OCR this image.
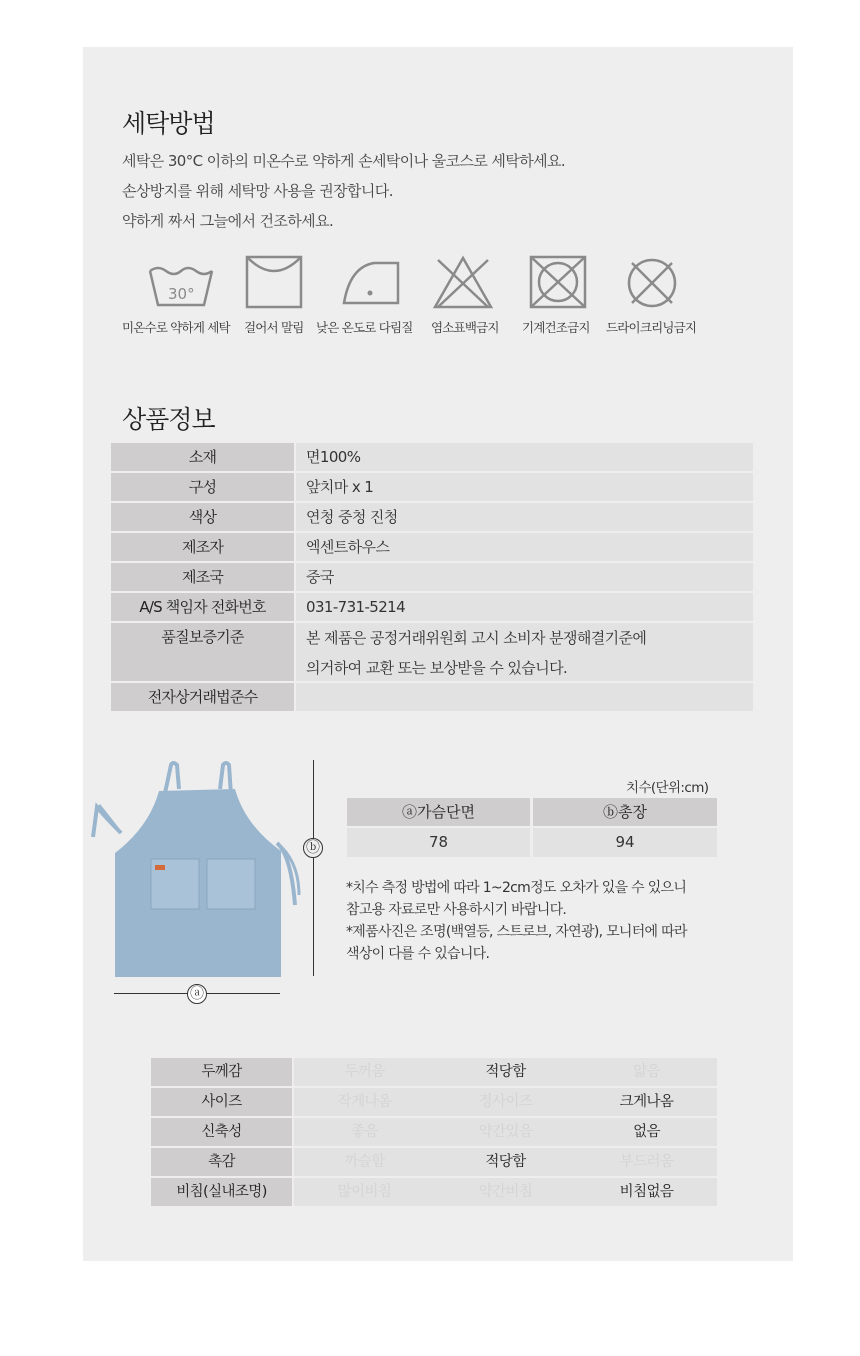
세탁방법
세탁은 30°C 이하의 미온수로 약하게 손세탁이나 울코스로 세탁하세요.
손상방지를 위해 세탁망 사용을 권장합니다.
약하게 짜서 그늘에서 건조하세요.
30°
미온수로 약하게 세탁 걸어서 말림 낮은 온도로 다림질 염소표백금지 기계건조금지 드라이크리닝금지
상품정보
소재	면100%
구성	앞치마 x 1
색상	연청 중청 진청
제조자	엑센트하우스
제조국	중국
A/S 책임자 전화번호	031-731-5214
품질보증기준	본 제품은 공정거래위원회 고시 소비자 분쟁해결기준에
의거하여 교환 또는 보상받을 수 있습니다.
전자상거래법준수
ⓑ
ⓐ
치수(단위:cm)
ⓐ가슴단면	ⓑ총장
78	94
*치수 측정 방법에 따라 1~2cm정도 오차가 있을 수 있으니
참고용 자료로만 사용하시기 바랍니다.
*제품사진은 조명(백열등, 스트로브, 자연광), 모니터에 따라
색상이 다를 수 있습니다.
두께감	두꺼움	적당함	얇음
사이즈	작게나옴	정사이즈	크게나옴
신축성	좋음	약간있음	없음
촉감	까슬함	적당함	부드러움
비침(실내조명)	많이비침	약간비침	비침없음
